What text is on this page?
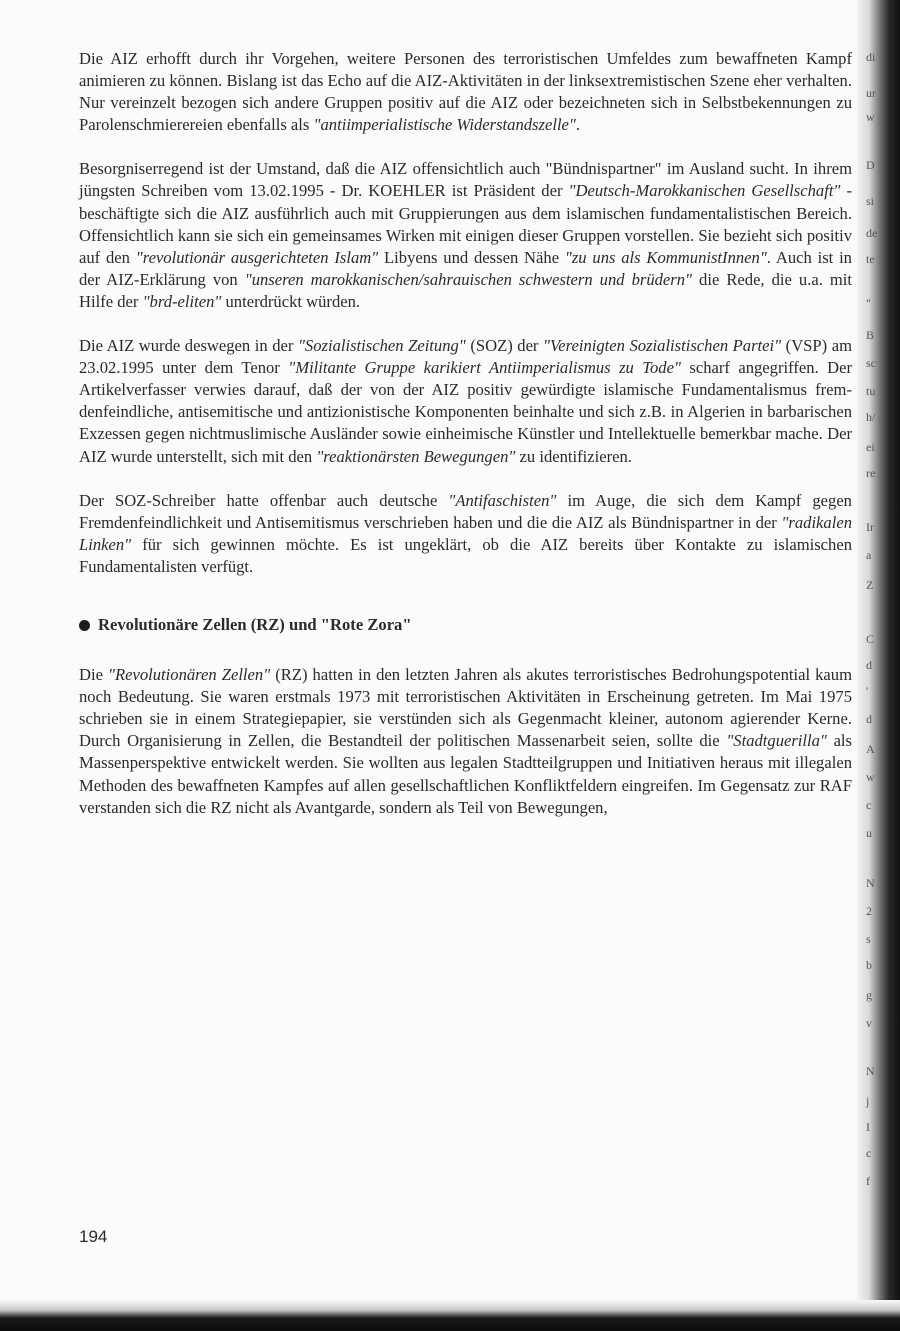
Die AIZ erhofft durch ihr Vorgehen, weitere Personen des terroristischen Umfeldes zum bewaffneten Kampf animieren zu können. Bislang ist das Echo auf die AIZ-Aktivitäten in der linksextremistischen Szene eher verhalten. Nur vereinzelt bezogen sich andere Gruppen positiv auf die AIZ oder bezeichneten sich in Selbstbekennungen zu Parolenschmierereien ebenfalls als "antiimperialistische Widerstandszelle".

Besorgniserregend ist der Umstand, daß die AIZ offensichtlich auch "Bündnispartner" im Ausland sucht. In ihrem jüngsten Schreiben vom 13.02.1995 - Dr. KOEHLER ist Präsident der "Deutsch-Marokkanischen Gesellschaft" - beschäftigte sich die AIZ ausführlich auch mit Gruppierungen aus dem islamischen fundamentalistischen Bereich. Offensichtlich kann sie sich ein gemeinsames Wirken mit einigen dieser Gruppen vorstellen. Sie bezieht sich positiv auf den "revolutionär ausgerichteten Islam" Libyens und dessen Nähe "zu uns als KommunistInnen". Auch ist in der AIZ-Erklärung von "unseren marokkanischen/sahrauischen schwestern und brüdern" die Rede, die u.a. mit Hilfe der "brd-eliten" unterdrückt würden.

Die AIZ wurde deswegen in der "Sozialistischen Zeitung" (SOZ) der "Vereinigten Sozialistischen Partei" (VSP) am 23.02.1995 unter dem Tenor "Militante Gruppe karikiert Antiimperialismus zu Tode" scharf angegriffen. Der Artikelverfasser verwies darauf, daß der von der AIZ positiv gewürdigte islamische Fundamentalismus fremdenfeindliche, antisemitische und antizionistische Komponenten beinhalte und sich z.B. in Algerien in barbarischen Exzessen gegen nichtmuslimische Ausländer sowie einheimische Künstler und Intellektuelle bemerkbar mache. Der AIZ wurde unterstellt, sich mit den "reaktionärsten Bewegungen" zu identifizieren.

Der SOZ-Schreiber hatte offenbar auch deutsche "Antifaschisten" im Auge, die sich dem Kampf gegen Fremdenfeindlichkeit und Antisemitismus verschrieben haben und die die AIZ als Bündnispartner in der "radikalen Linken" für sich gewinnen möchte. Es ist ungeklärt, ob die AIZ bereits über Kontakte zu islamischen Fundamentalisten verfügt.

Revolutionäre Zellen (RZ) und "Rote Zora"

Die "Revolutionären Zellen" (RZ) hatten in den letzten Jahren als akutes terroristisches Bedrohungspotential kaum noch Bedeutung. Sie waren erstmals 1973 mit terroristischen Aktivitäten in Erscheinung getreten. Im Mai 1975 schrieben sie in einem Strategiepapier, sie verstünden sich als Gegenmacht kleiner, autonom agierender Kerne. Durch Organisierung in Zellen, die Bestandteil der politischen Massenarbeit seien, sollte die "Stadtguerilla" als Massenperspektive entwickelt werden. Sie wollten aus legalen Stadtteilgruppen und Initiativen heraus mit illegalen Methoden des bewaffneten Kampfes auf allen gesellschaftlichen Konfliktfeldern eingreifen. Im Gegensatz zur RAF verstanden sich die RZ nicht als Avantgarde, sondern als Teil von Bewegungen,

194
di
ur
w
D
si
de
te
"
B
sc
tu
h/
ei
re
Ir
a
Z
C
d
'
d
A
w
c
u
N
2
s
b
g
v
N
j
I
c
f
